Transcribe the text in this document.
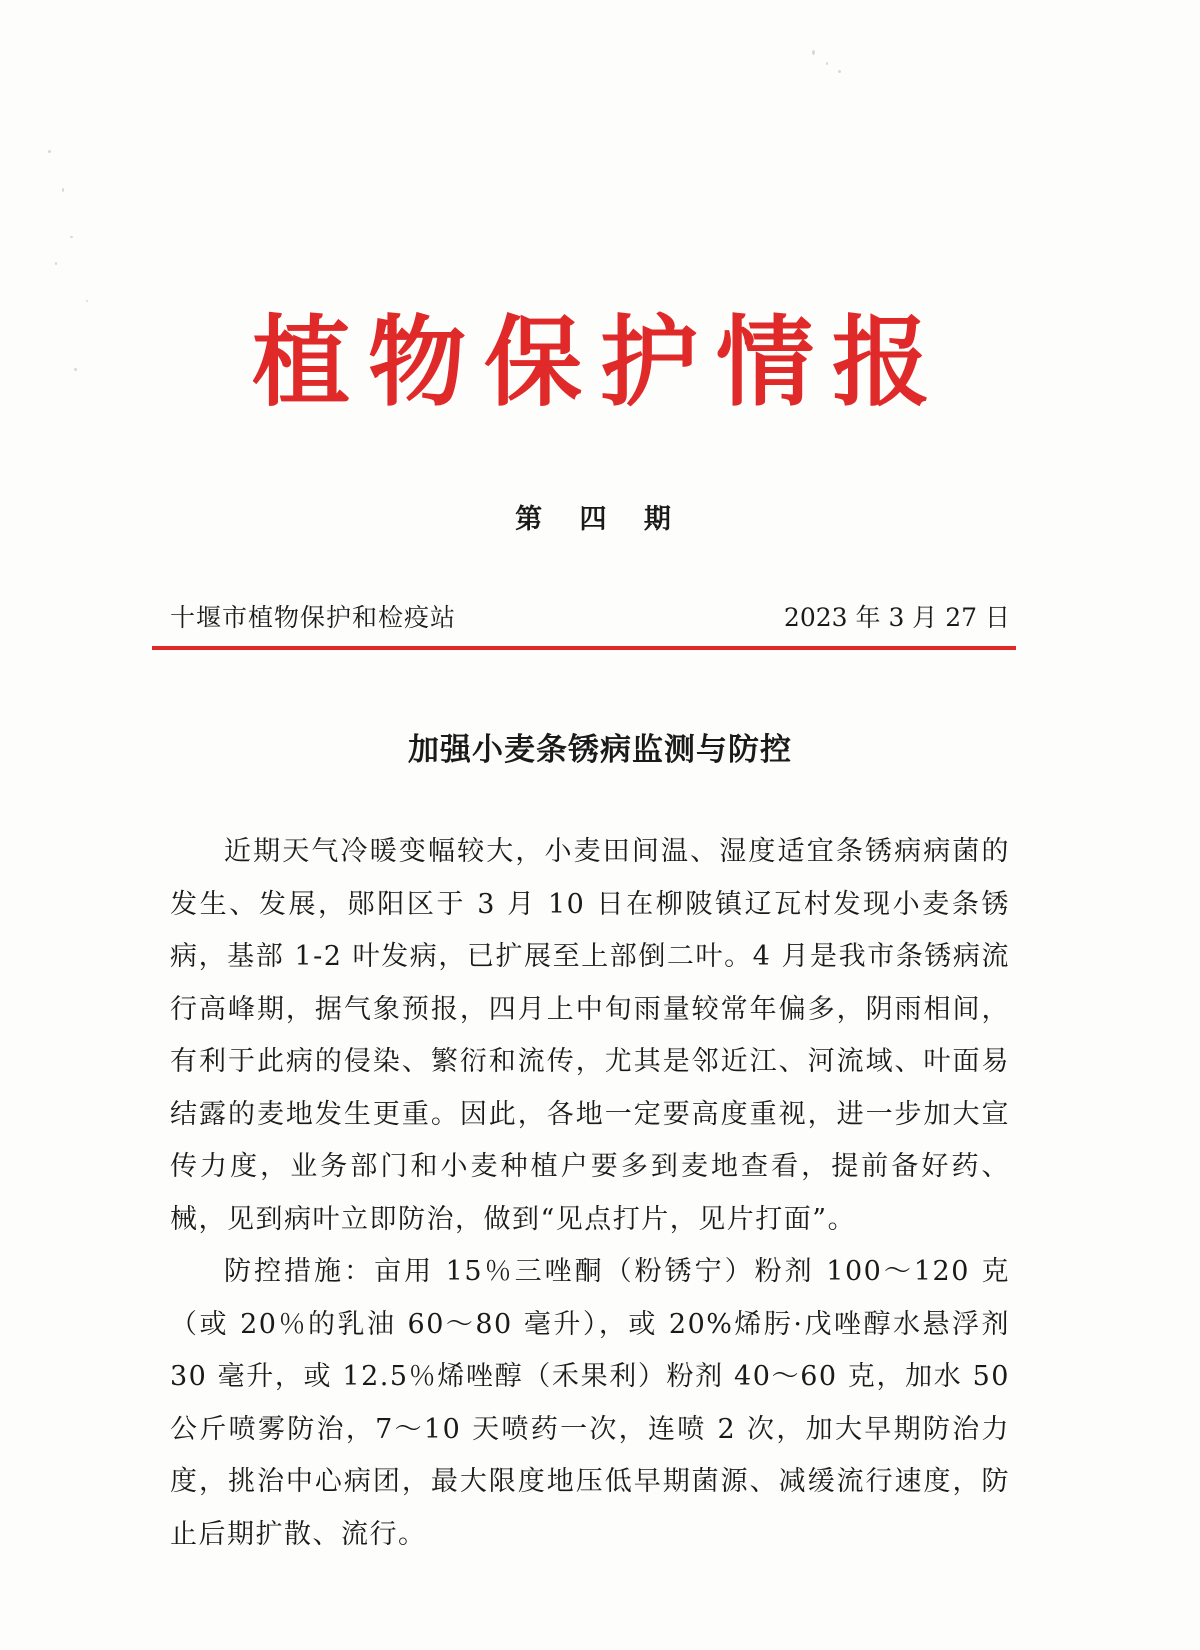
植物保护情报
第 四 期
十堰市植物保护和检疫站	2023 年 3 月 27 日
加强小麦条锈病监测与防控

近期天气冷暖变幅较大，小麦田间温、湿度适宜条锈病病菌的发生、发展，郧阳区于 3 月 10 日在柳陂镇辽瓦村发现小麦条锈病，基部 1-2 叶发病，已扩展至上部倒二叶。4 月是我市条锈病流行高峰期，据气象预报，四月上中旬雨量较常年偏多，阴雨相间，有利于此病的侵染、繁衍和流传，尤其是邻近江、河流域、叶面易结露的麦地发生更重。因此，各地一定要高度重视，进一步加大宣传力度，业务部门和小麦种植户要多到麦地查看，提前备好药、械，见到病叶立即防治，做到“见点打片，见片打面”。

防控措施：亩用 15％三唑酮（粉锈宁）粉剂 100～120 克（或 20％的乳油 60～80 毫升），或 20%烯肟·戊唑醇水悬浮剂 30 毫升，或 12.5％烯唑醇（禾果利）粉剂 40～60 克，加水 50 公斤喷雾防治，7～10 天喷药一次，连喷 2 次，加大早期防治力度，挑治中心病团，最大限度地压低早期菌源、减缓流行速度，防止后期扩散、流行。
